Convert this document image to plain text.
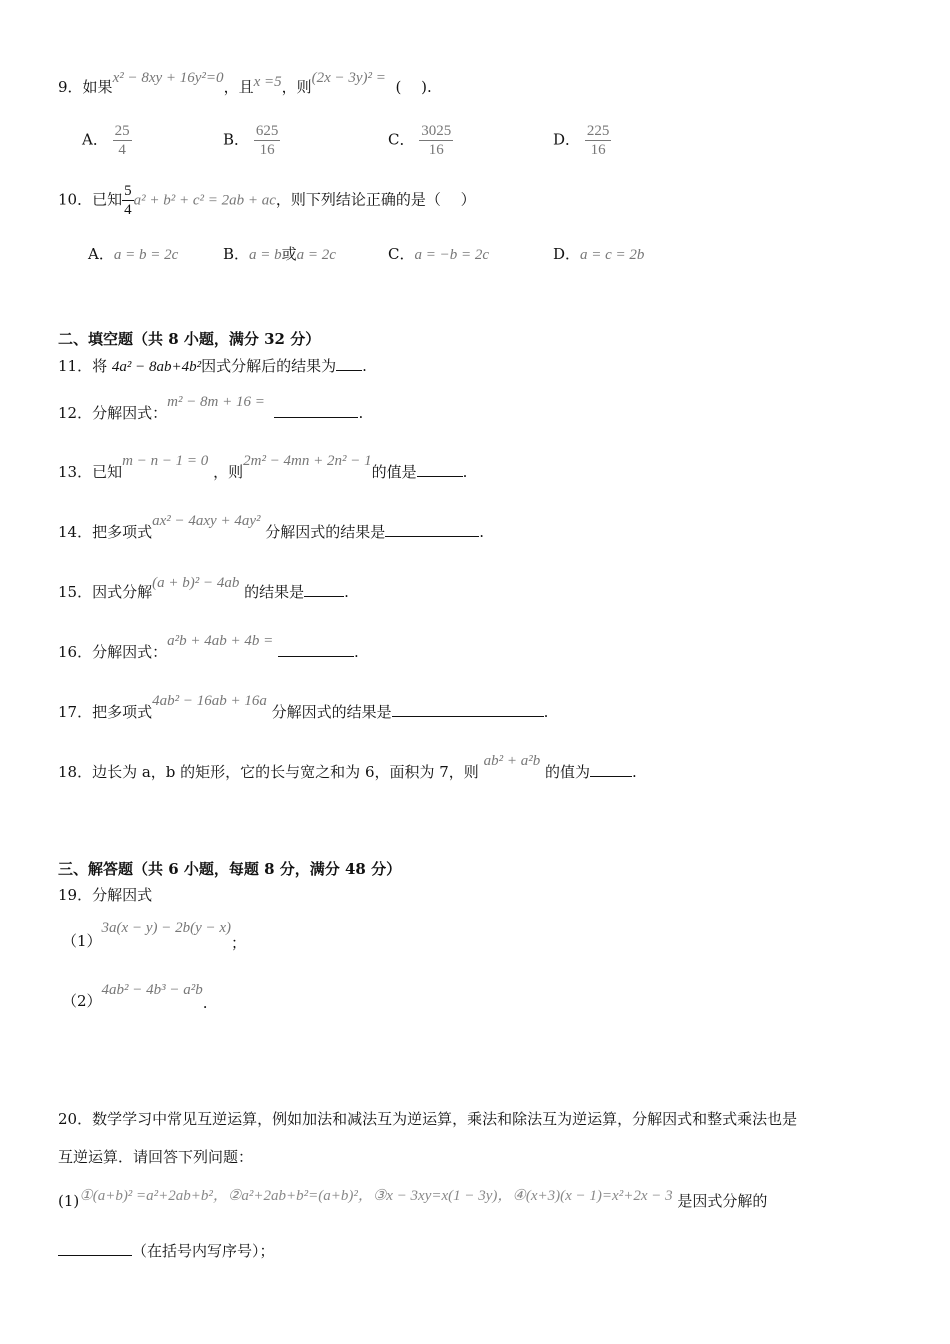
9．如果x² − 8xy + 16y²=0，且x =5，则(2x − 3y)² = (　 ).
A． $\frac{25}{4}$	B． $\frac{625}{16}$	C． $\frac{3025}{16}$	D． $\frac{225}{16}$
10．已知 $\frac{5}{4} a^2 + b^2 + c^2 = 2ab$ + ac，则下列结论正确的是（　 ）
A．a = b = 2c	B．a = b或a = 2c	C．a = −b = 2c	D．a = c = 2b
二、填空题（共 8 小题，满分 32 分）
11．将 4a² − 8ab+4b²因式分解后的结果为 .
12．分解因式：m² − 8m + 16 =  .
13．已知m − n − 1 = 0 ，则2m² − 4mn + 2n² − 1的值是	.
14．把多项式ax² − 4axy + 4ay² 分解因式的结果是	.
15．因式分解(a + b)² − 4ab 的结果是	.
16．分解因式：a²b + 4ab + 4b = .
17．把多项式4ab² − 16ab + 16a 分解因式的结果是	.
18．边长为 a，b 的矩形，它的长与宽之和为 6，面积为 7，则 ab² + a²b 的值为	.
三、解答题（共 6 小题，每题 8 分，满分 48 分）
19．分解因式
（1）3a(x − y) − 2b(y − x)；
（2）4ab² − 4b³ − a²b.
20．数学学习中常见互逆运算，例如加法和减法互为逆运算，乘法和除法互为逆运算，分解因式和整式乘法也是
互逆运算．请回答下列问题：
(1)①(a+b)² =a²+2ab+b²，②a²+2ab+b²=(a+b)²，③x − 3xy=x(1 − 3y)，④(x+3)(x − 1)=x²+2x − 3 是因式分解的
（在括号内写序号）；
